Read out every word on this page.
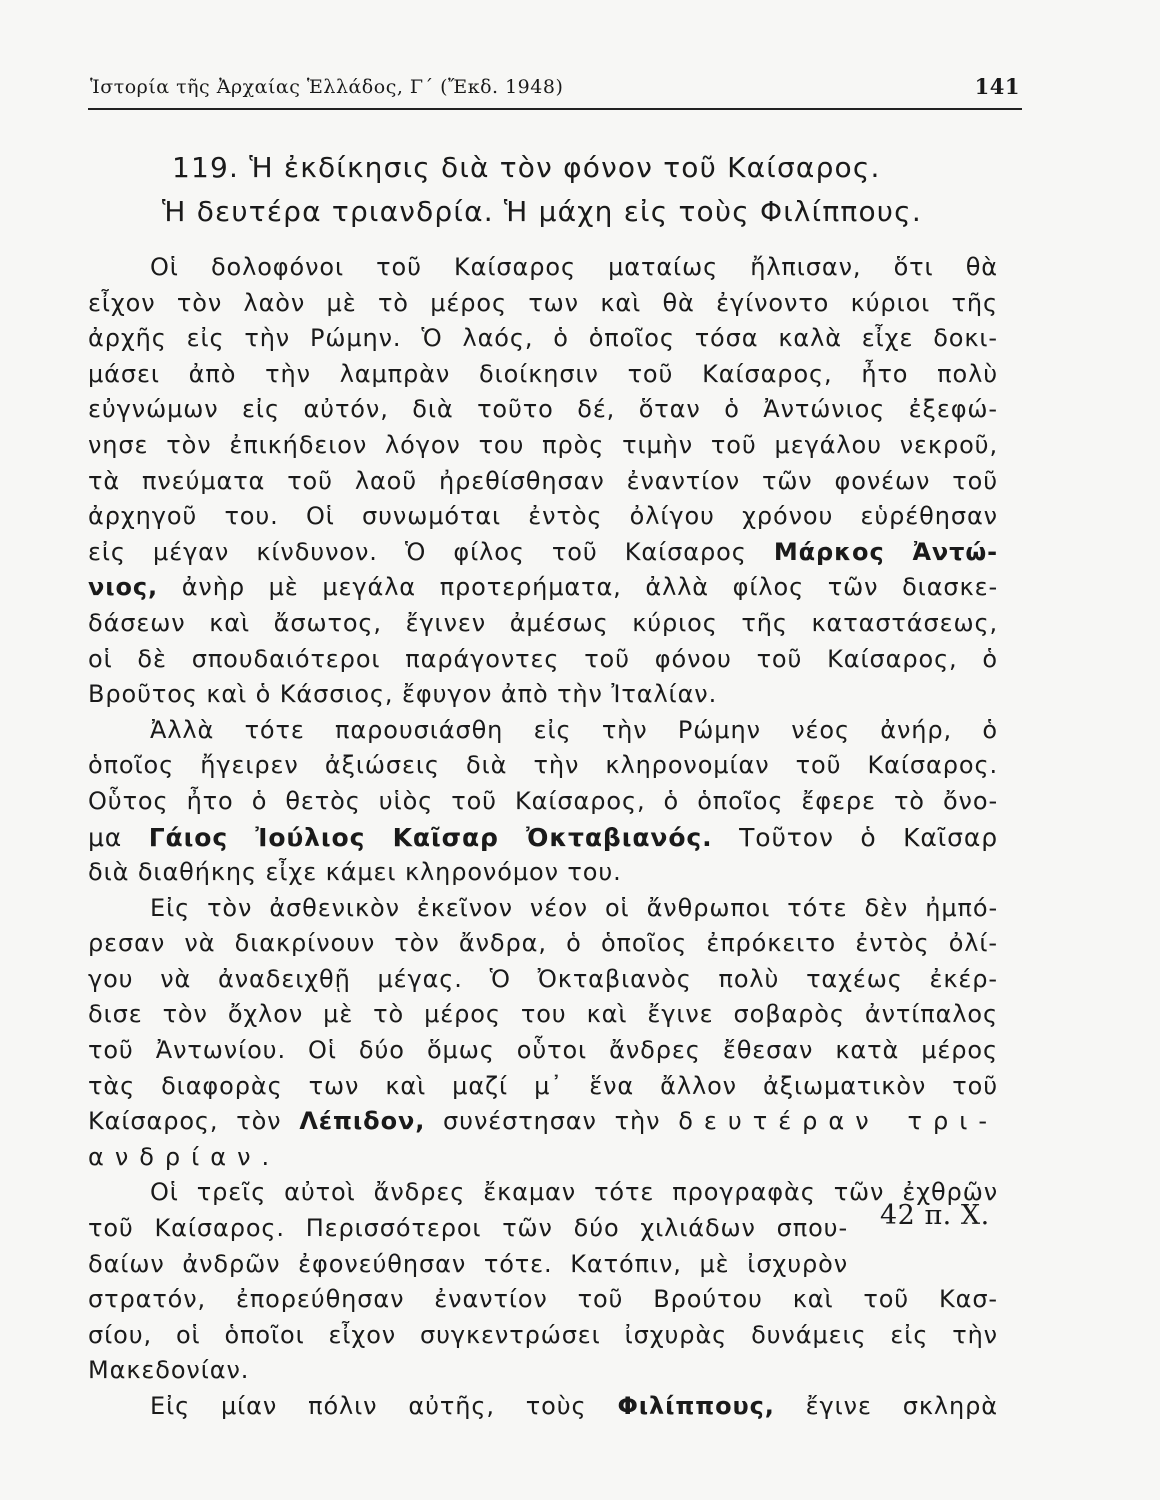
Ἱστορία τῆς Ἀρχαίας Ἑλλάδος, Γ´ (Ἔκδ. 1948)	141
119. Ἡ ἐκδίκησις διὰ τὸν φόνον τοῦ Καίσαρος.
Ἡ δευτέρα τριανδρία. Ἡ μάχη εἰς τοὺς Φιλίππους.
Οἱ δολοφόνοι τοῦ Καίσαρος ματαίως ἤλπισαν, ὅτι θὰ
εἶχον τὸν λαὸν μὲ τὸ μέρος των καὶ θὰ ἐγίνοντο κύριοι τῆς
ἀρχῆς εἰς τὴν Ρώμην. Ὁ λαός, ὁ ὁποῖος τόσα καλὰ εἶχε δοκι-
μάσει ἀπὸ τὴν λαμπρὰν διοίκησιν τοῦ Καίσαρος, ἦτο πολὺ
εὐγνώμων εἰς αὐτόν, διὰ τοῦτο δέ, ὅταν ὁ Ἀντώνιος ἐξεφώ-
νησε τὸν ἐπικήδειον λόγον του πρὸς τιμὴν τοῦ μεγάλου νεκροῦ,
τὰ πνεύματα τοῦ λαοῦ ἠρεθίσθησαν ἐναντίον τῶν φονέων τοῦ
ἀρχηγοῦ του. Οἱ συνωμόται ἐντὸς ὀλίγου χρόνου εὑρέθησαν
εἰς μέγαν κίνδυνον. Ὁ φίλος τοῦ Καίσαρος Μάρκος Ἀντώ-
νιος, ἀνὴρ μὲ μεγάλα προτερήματα, ἀλλὰ φίλος τῶν διασκε-
δάσεων καὶ ἄσωτος, ἔγινεν ἀμέσως κύριος τῆς καταστάσεως,
οἱ δὲ σπουδαιότεροι παράγοντες τοῦ φόνου τοῦ Καίσαρος, ὁ
Βροῦτος καὶ ὁ Κάσσιος, ἔφυγον ἀπὸ τὴν Ἰταλίαν.
Ἀλλὰ τότε παρουσιάσθη εἰς τὴν Ρώμην νέος ἀνήρ, ὁ
ὁποῖος ἤγειρεν ἀξιώσεις διὰ τὴν κληρονομίαν τοῦ Καίσαρος.
Οὗτος ἦτο ὁ θετὸς υἱὸς τοῦ Καίσαρος, ὁ ὁποῖος ἔφερε τὸ ὄνο-
μα Γάιος Ἰούλιος Καῖσαρ Ὀκταβιανός. Τοῦτον ὁ Καῖσαρ
διὰ διαθήκης εἶχε κάμει κληρονόμον του.
Εἰς τὸν ἀσθενικὸν ἐκεῖνον νέον οἱ ἄνθρωποι τότε δὲν ἠμπό-
ρεσαν νὰ διακρίνουν τὸν ἄνδρα, ὁ ὁποῖος ἐπρόκειτο ἐντὸς ὀλί-
γου νὰ ἀναδειχθῇ μέγας. Ὁ Ὀκταβιανὸς πολὺ ταχέως ἐκέρ-
δισε τὸν ὄχλον μὲ τὸ μέρος του καὶ ἔγινε σοβαρὸς ἀντίπαλος
τοῦ Ἀντωνίου. Οἱ δύο ὅμως οὗτοι ἄνδρες ἔθεσαν κατὰ μέρος
τὰς διαφορὰς των καὶ μαζί μ᾽ ἕνα ἄλλον ἀξιωματικὸν τοῦ
Καίσαρος, τὸν Λέπιδον, συνέστησαν τὴν δευτέραν τρι-
ανδρίαν.
Οἱ τρεῖς αὐτοὶ ἄνδρες ἔκαμαν τότε προγραφὰς τῶν ἐχθρῶν
τοῦ Καίσαρος. Περισσότεροι τῶν δύο χιλιάδων σπου-
δαίων ἀνδρῶν ἐφονεύθησαν τότε. Κατόπιν, μὲ ἰσχυρὸν
στρατόν, ἐπορεύθησαν ἐναντίον τοῦ Βρούτου καὶ τοῦ Κασ-
σίου, οἱ ὁποῖοι εἶχον συγκεντρώσει ἰσχυρὰς δυνάμεις εἰς τὴν
Μακεδονίαν.
Εἰς μίαν πόλιν αὐτῆς, τοὺς Φιλίππους, ἔγινε σκληρὰ
42 π. Χ.
